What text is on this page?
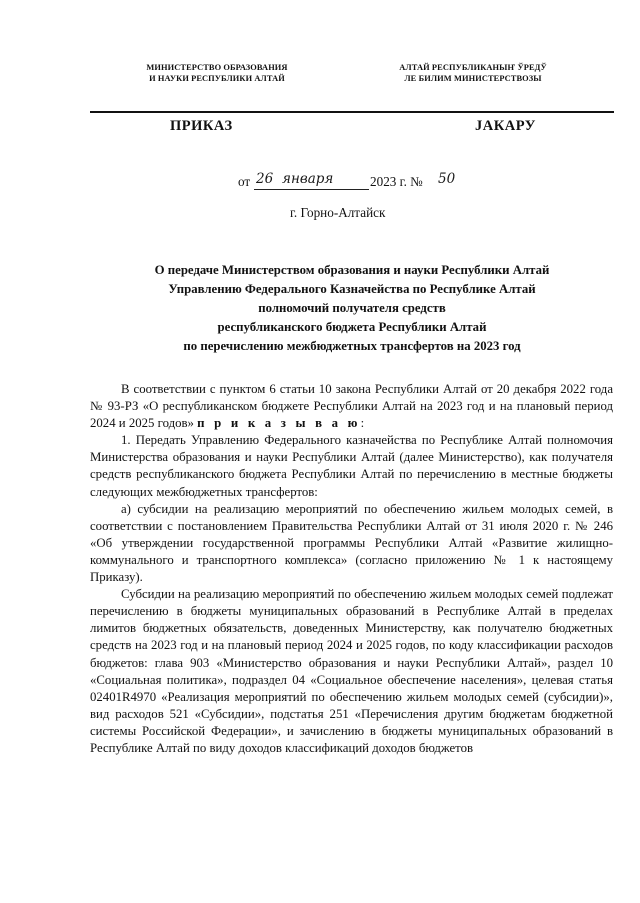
МИНИСТЕРСТВО ОБРАЗОВАНИЯ
И НАУКИ РЕСПУБЛИКИ АЛТАЙ
АЛТАЙ РЕСПУБЛИКАНЫҤ ЎРЕДЎ
ЛЕ БИЛИМ МИНИСТЕРСТВОЗЫ
ПРИКАЗ	JАКАРУ
от 26 января	2023 г. № 50
г. Горно-Алтайск
О передаче Министерством образования и науки Республики Алтай
Управлению Федерального Казначейства по Республике Алтай
полномочий получателя средств
республиканского бюджета Республики Алтай
по перечислению межбюджетных трансфертов на 2023 год

В соответствии с пунктом 6 статьи 10 закона Республики Алтай от 20 декабря 2022 года № 93-РЗ «О республиканском бюджете Республики Алтай на 2023 год и на плановый период 2024 и 2025 годов» п р и к а з ы в а ю:

1. Передать Управлению Федерального казначейства по Республике Алтай полномочия Министерства образования и науки Республики Алтай (далее Министерство), как получателя средств республиканского бюджета Республики Алтай по перечислению в местные бюджеты следующих межбюджетных трансфертов:

а) субсидии на реализацию мероприятий по обеспечению жильем молодых семей, в соответствии с постановлением Правительства Республики Алтай от 31 июля 2020 г. № 246 «Об утверждении государственной программы Республики Алтай «Развитие жилищно-коммунального и транспортного комплекса» (согласно приложению № 1 к настоящему Приказу).

Субсидии на реализацию мероприятий по обеспечению жильем молодых семей подлежат перечислению в бюджеты муниципальных образований в Республике Алтай в пределах лимитов бюджетных обязательств, доведенных Министерству, как получателю бюджетных средств на 2023 год и на плановый период 2024 и 2025 годов, по коду классификации расходов бюджетов: глава 903 «Министерство образования и науки Республики Алтай», раздел 10 «Социальная политика», подраздел 04 «Социальное обеспечение населения», целевая статья 02401R4970 «Реализация мероприятий по обеспечению жильем молодых семей (субсидии)», вид расходов 521 «Субсидии», подстатья 251 «Перечисления другим бюджетам бюджетной системы Российской Федерации», и зачислению в бюджеты муниципальных образований в Республике Алтай по виду доходов классификаций доходов бюджетов
